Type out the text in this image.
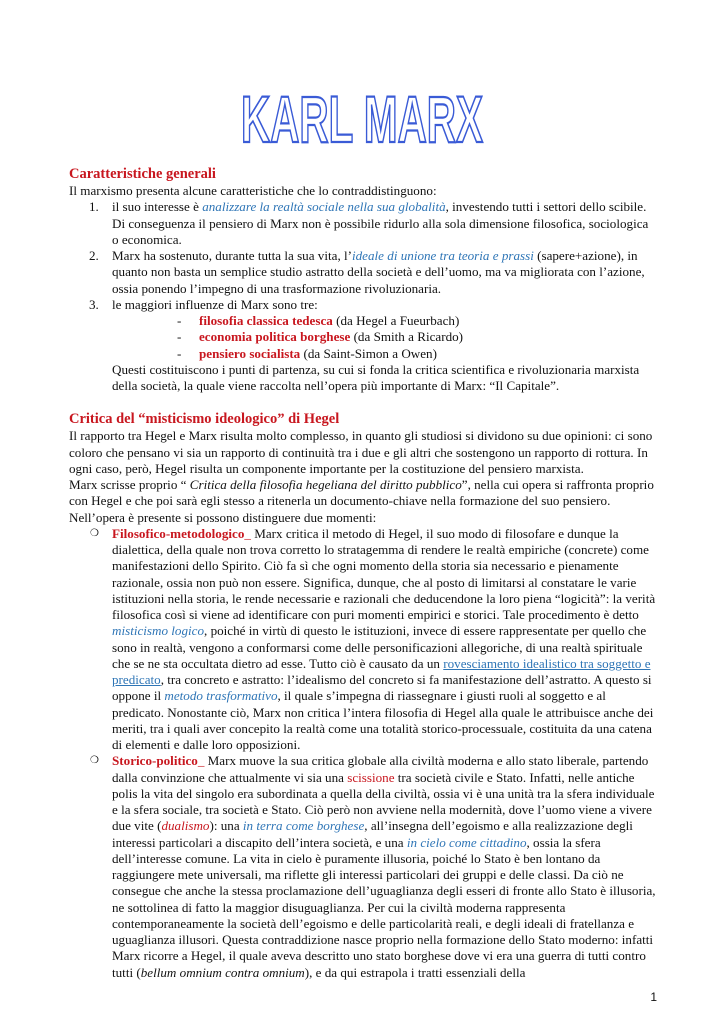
KARL MARX
Caratteristiche generali

Il marxismo presenta alcune caratteristiche che lo contraddistinguono:

1. il suo interesse è analizzare la realtà sociale nella sua globalità, investendo tutti i settori dello scibile. Di conseguenza il pensiero di Marx non è possibile ridurlo alla sola dimensione filosofica, sociologica o economica.
2. Marx ha sostenuto, durante tutta la sua vita, l’ideale di unione tra teoria e prassi (sapere+azione), in quanto non basta un semplice studio astratto della società e dell’uomo, ma va migliorata con l’azione, ossia ponendo l’impegno di una trasformazione rivoluzionaria.
3. le maggiori influenze di Marx sono tre:
- filosofia classica tedesca (da Hegel a Fueurbach)
- economia politica borghese (da Smith a Ricardo)
- pensiero socialista (da Saint-Simon a Owen)

Questi costituiscono i punti di partenza, su cui si fonda la critica scientifica e rivoluzionaria marxista della società, la quale viene raccolta nell’opera più importante di Marx: “Il Capitale”.

Critica del “misticismo ideologico” di Hegel

Il rapporto tra Hegel e Marx risulta molto complesso, in quanto gli studiosi si dividono su due opinioni: ci sono coloro che pensano vi sia un rapporto di continuità tra i due e gli altri che sostengono un rapporto di rottura. In ogni caso, però, Hegel risulta un componente importante per la costituzione del pensiero marxista.

Marx scrisse proprio “ Critica della filosofia hegeliana del diritto pubblico”, nella cui opera si raffronta proprio con Hegel e che poi sarà egli stesso a ritenerla un documento-chiave nella formazione del suo pensiero. Nell’opera è presente si possono distinguere due momenti:

❍ Filosofico-metodologico_ Marx critica il metodo di Hegel, il suo modo di filosofare e dunque la dialettica, della quale non trova corretto lo stratagemma di rendere le realtà empiriche (concrete) come manifestazioni dello Spirito. Ciò fa sì che ogni momento della storia sia necessario e pienamente razionale, ossia non può non essere. Significa, dunque, che al posto di limitarsi al constatare le varie istituzioni nella storia, le rende necessarie e razionali che deducendone la loro piena “logicità”: la verità filosofica così si viene ad identificare con puri momenti empirici e storici. Tale procedimento è detto misticismo logico, poiché in virtù di questo le istituzioni, invece di essere rappresentate per quello che sono in realtà, vengono a conformarsi come delle personificazioni allegoriche, di una realtà spirituale che se ne sta occultata dietro ad esse. Tutto ciò è causato da un rovesciamento idealistico tra soggetto e predicato, tra concreto e astratto: l’idealismo del concreto si fa manifestazione dell’astratto. A questo si oppone il metodo trasformativo, il quale s’impegna di riassegnare i giusti ruoli al soggetto e al predicato. Nonostante ciò, Marx non critica l’intera filosofia di Hegel alla quale le attribuisce anche dei meriti, tra i quali aver concepito la realtà come una totalità storico-processuale, costituita da una catena di elementi e dalle loro opposizioni.
❍ Storico-politico_ Marx muove la sua critica globale alla civiltà moderna e allo stato liberale, partendo dalla convinzione che attualmente vi sia una scissione tra società civile e Stato. Infatti, nelle antiche polis la vita del singolo era subordinata a quella della civiltà, ossia vi è una unità tra la sfera individuale e la sfera sociale, tra società e Stato. Ciò però non avviene nella modernità, dove l’uomo viene a vivere due vite (dualismo): una in terra come borghese, all’insegna dell’egoismo e alla realizzazione degli interessi particolari a discapito dell’intera società, e una in cielo come cittadino, ossia la sfera dell’interesse comune. La vita in cielo è puramente illusoria, poiché lo Stato è ben lontano da raggiungere mete universali, ma riflette gli interessi particolari dei gruppi e delle classi. Da ciò ne consegue che anche la stessa proclamazione dell’uguaglianza degli esseri di fronte allo Stato è illusoria, ne sottolinea di fatto la maggior disuguaglianza. Per cui la civiltà moderna rappresenta contemporaneamente la società dell’egoismo e delle particolarità reali, e degli ideali di fratellanza e uguaglianza illusori. Questa contraddizione nasce proprio nella formazione dello Stato moderno: infatti Marx ricorre a Hegel, il quale aveva descritto uno stato borghese dove vi era una guerra di tutti contro tutti (bellum omnium contra omnium), e da qui estrapola i tratti essenziali della
1
